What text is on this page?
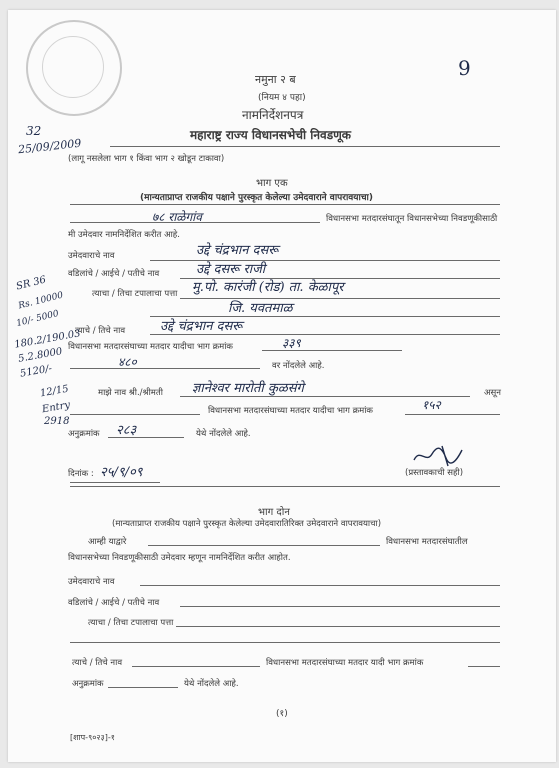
नमुना २ ब	9
(नियम ४ पहा)
नामनिर्देशनपत्र
महाराष्ट्र राज्य विधानसभेची निवडणूक
(लागू नसलेला भाग १ किंवा भाग २ खोडून टाकावा)
32
25/09/2009
भाग एक
(मान्यताप्राप्त राजकीय पक्षाने पुरस्कृत केलेल्या उमेदवाराने वापरावयाचा)
७८ राळेगांव	विधानसभा मतदारसंघातून विधानसभेच्या निवडणूकीसाठी
मी उमेदवार नामनिर्देशित करीत आहे.
उमेदवाराचे नाव	उद्दे चंद्रभान दसरू
वडिलांचे / आईचे / पतीचे नाव	उद्दे दसरू राजी
त्याचा / तिचा टपालाचा पत्ता मु.पो. कारंजी (रोड) ता. केळापूर
जि. यवतमाळ
त्याचे / तिचे नाव	उद्दे चंद्रभान दसरू
विधानसभा मतदारसंघाच्या मतदार यादीचा भाग क्रमांक	३३९
४८०	वर नोंदलेले आहे.
माझे नाव श्री./श्रीमती ज्ञानेश्वर मारोती कुळसंगे	असून
विधानसभा मतदारसंघाच्या मतदार यादीचा भाग क्रमांक	१५२
अनुक्रमांक २८३	येथे नोंदलेले आहे.
दिनांक : २५/९/०९	(प्रस्तावकाची सही)
SR 36
Rs. 10000
10/- 5000
180.2/190.03
5.2.8000
5120/-
12/15
Entry
2918
भाग दोन
(मान्यताप्राप्त राजकीय पक्षाने पुरस्कृत केलेल्या उमेदवारातिरिक्त उमेदवाराने वापरावयाचा)
आम्ही याद्वारे	विधानसभा मतदारसंघातील
विधानसभेच्या निवडणूकीसाठी उमेदवार म्हणून नामनिर्देशित करीत आहोत.
उमेदवाराचे नाव
वडिलांचे / आईचे / पतीचे नाव
त्याचा / तिचा टपालाचा पत्ता
त्याचे / तिचे नाव	विधानसभा मतदारसंघाच्या मतदार यादी भाग क्रमांक
अनुक्रमांक	येथे नोंदलेले आहे.
(१)
[शाप-९०२३]-१
